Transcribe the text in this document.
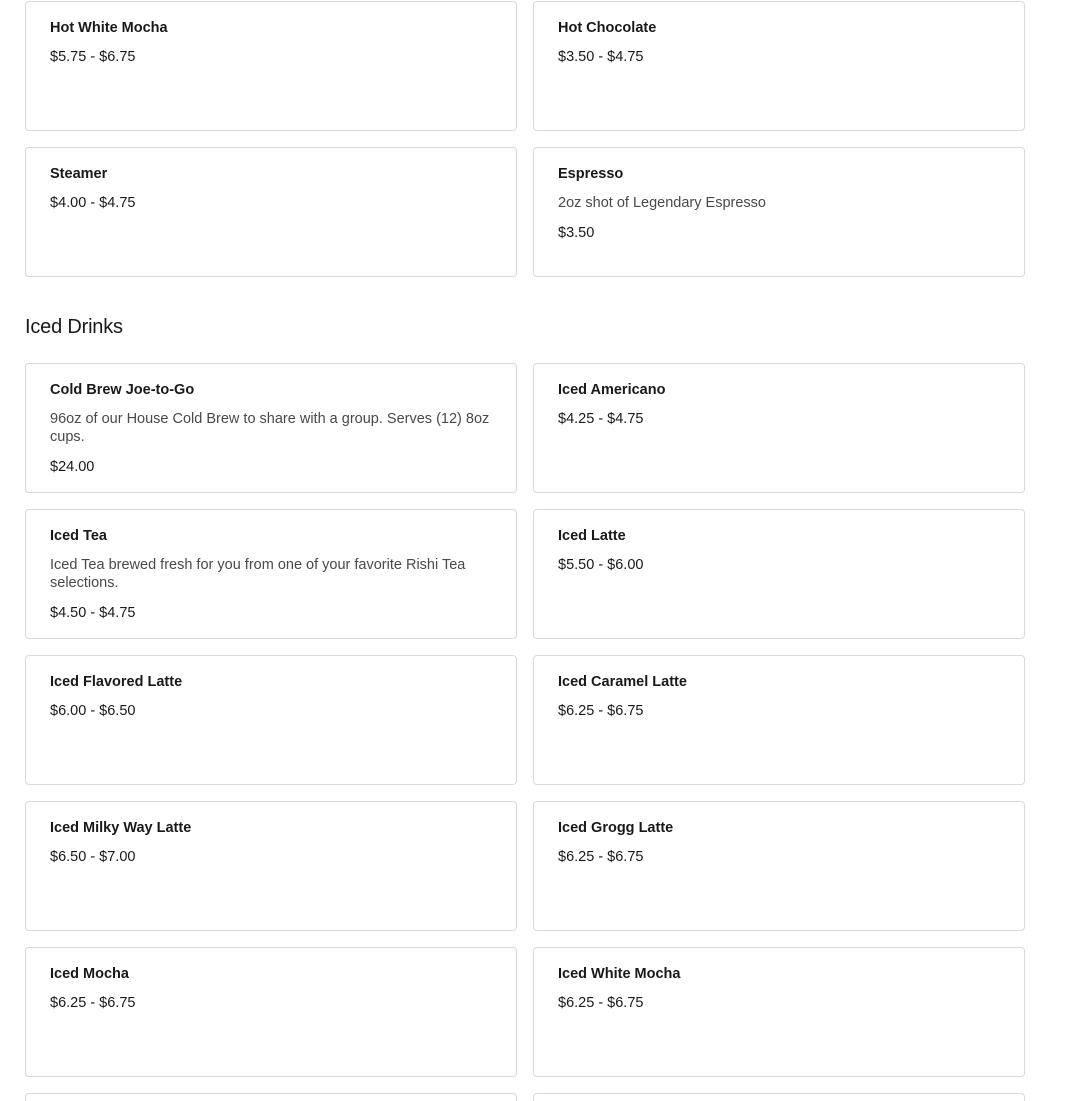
Hot White Mocha
$5.75 - $6.75
Hot Chocolate
$3.50 - $4.75
Steamer
$4.00 - $4.75
Espresso
2oz shot of Legendary Espresso
$3.50
Iced Drinks
Cold Brew Joe-to-Go
96oz of our House Cold Brew to share with a group. Serves (12) 8oz cups.
$24.00
Iced Americano
$4.25 - $4.75
Iced Tea
Iced Tea brewed fresh for you from one of your favorite Rishi Tea selections.
$4.50 - $4.75
Iced Latte
$5.50 - $6.00
Iced Flavored Latte
$6.00 - $6.50
Iced Caramel Latte
$6.25 - $6.75
Iced Milky Way Latte
$6.50 - $7.00
Iced Grogg Latte
$6.25 - $6.75
Iced Mocha
$6.25 - $6.75
Iced White Mocha
$6.25 - $6.75
